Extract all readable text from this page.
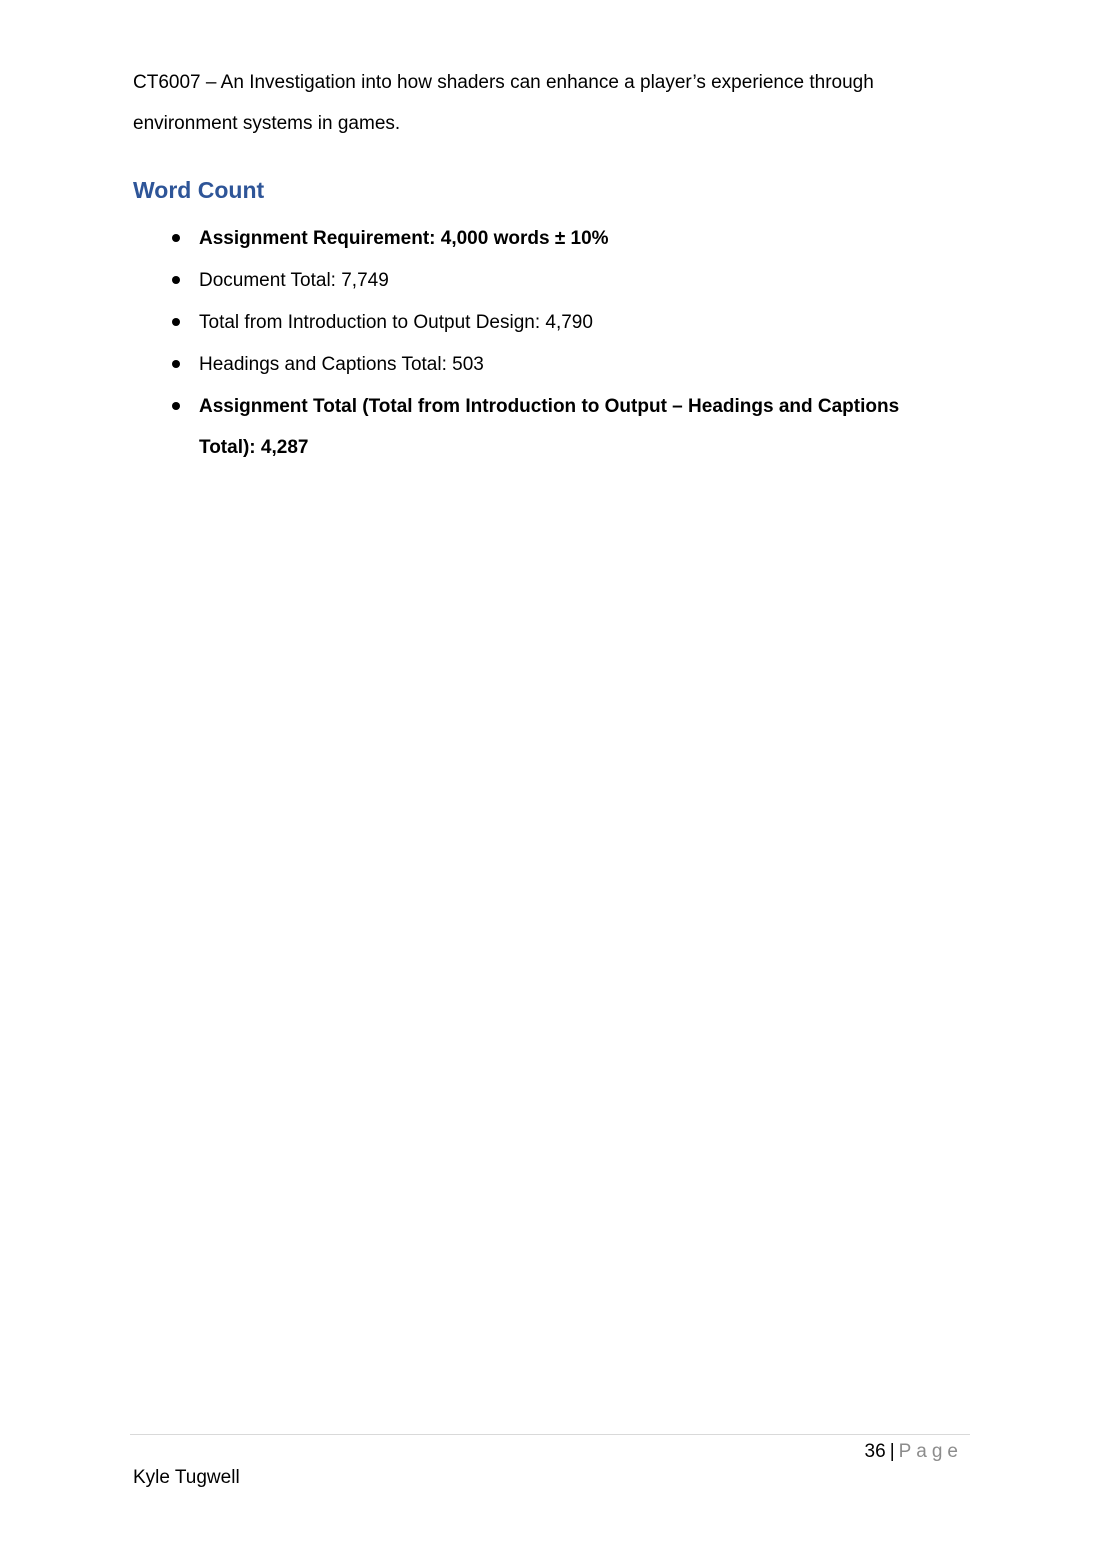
CT6007 – An Investigation into how shaders can enhance a player’s experience through environment systems in games.

Word Count
Assignment Requirement: 4,000 words ± 10%
Document Total: 7,749
Total from Introduction to Output Design: 4,790
Headings and Captions Total: 503
Assignment Total (Total from Introduction to Output – Headings and Captions Total): 4,287
36 | Page
Kyle Tugwell
